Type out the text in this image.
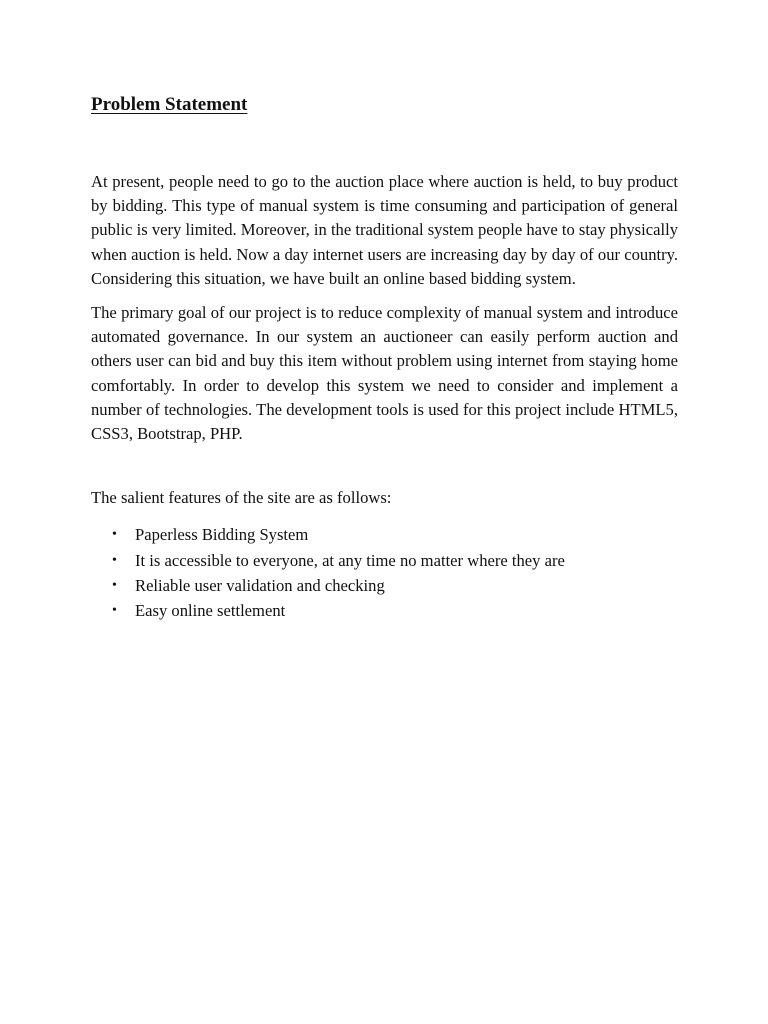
Problem Statement

At present, people need to go to the auction place where auction is held, to buy product by bidding. This type of manual system is time consuming and participation of general public is very limited. Moreover, in the traditional system people have to stay physically when auction is held. Now a day internet users are increasing day by day of our country. Considering this situation, we have built an online based bidding system.

The primary goal of our project is to reduce complexity of manual system and introduce automated governance. In our system an auctioneer can easily perform auction and others user can bid and buy this item without problem using internet from staying home comfortably. In order to develop this system we need to consider and implement a number of technologies. The development tools is used for this project include HTML5, CSS3, Bootstrap, PHP.

The salient features of the site are as follows:

• Paperless Bidding System
• It is accessible to everyone, at any time no matter where they are
• Reliable user validation and checking
• Easy online settlement
